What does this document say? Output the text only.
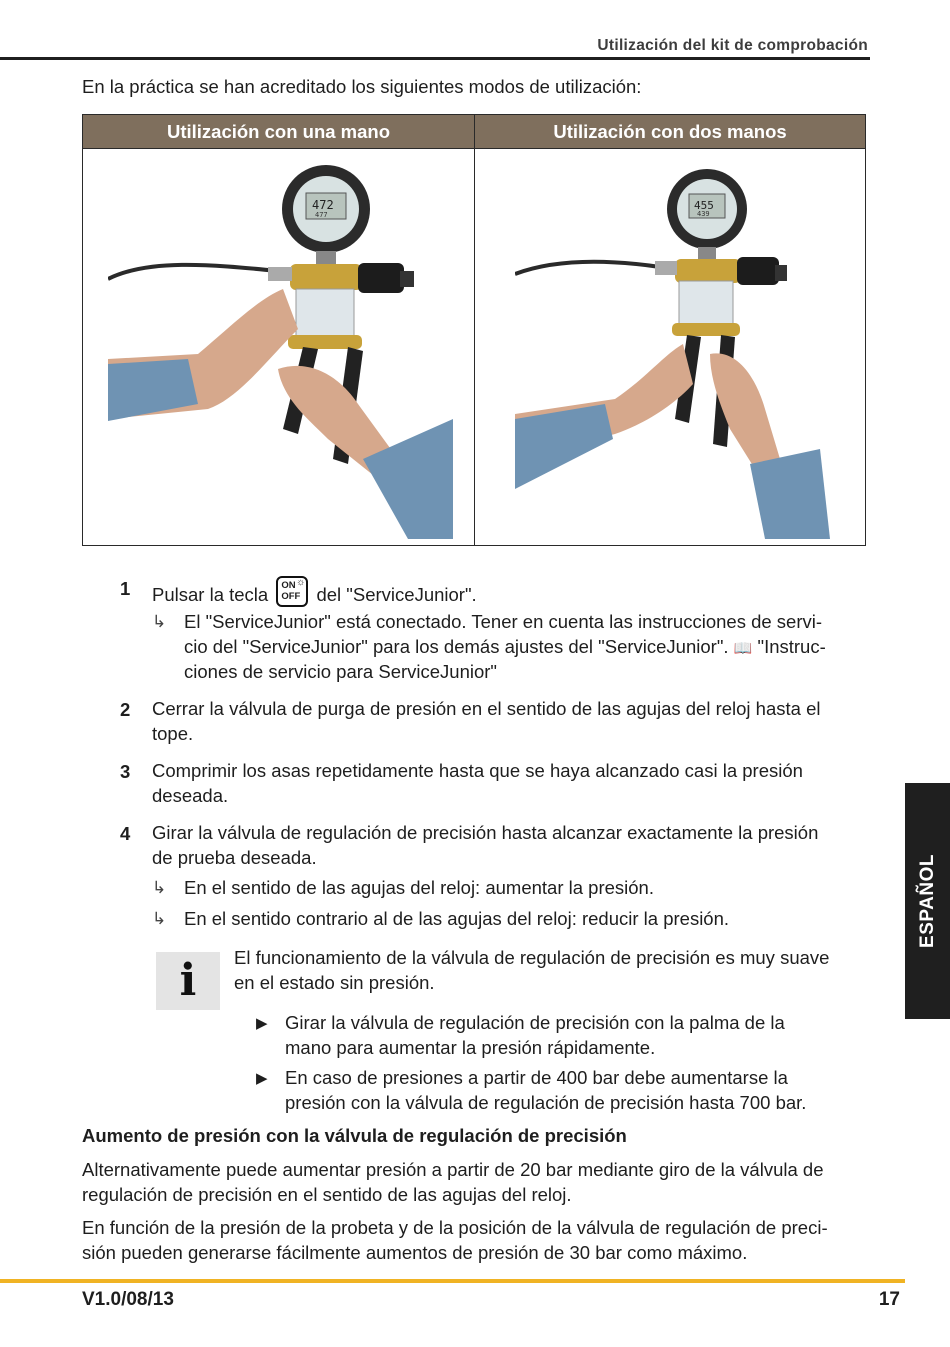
Utilización del kit de comprobación
En la práctica se han acreditado los siguientes modos de utilización:
Utilización con una mano	Utilización con dos manos
472
477
455
439
1 Pulsar la tecla ON
OFF
☼
del "ServiceJunior".
↳ El "ServiceJunior" está conectado. Tener en cuenta las instrucciones de servi-
cio del "ServiceJunior" para los demás ajustes del "ServiceJunior". 📖 "Instruc-
ciones de servicio para ServiceJunior"
2 Cerrar la válvula de purga de presión en el sentido de las agujas del reloj hasta el
tope.
3 Comprimir los asas repetidamente hasta que se haya alcanzado casi la presión
deseada.
4 Girar la válvula de regulación de precisión hasta alcanzar exactamente la presión
de prueba deseada.
↳ En el sentido de las agujas del reloj: aumentar la presión.
↳ En el sentido contrario al de las agujas del reloj: reducir la presión.
i	El funcionamiento de la válvula de regulación de precisión es muy suave
en el estado sin presión.
▶ Girar la válvula de regulación de precisión con la palma de la
mano para aumentar la presión rápidamente.
▶ En caso de presiones a partir de 400 bar debe aumentarse la
presión con la válvula de regulación de precisión hasta 700 bar.
Aumento de presión con la válvula de regulación de precisión
Alternativamente puede aumentar presión a partir de 20 bar mediante giro de la válvula de
regulación de precisión en el sentido de las agujas del reloj.
En función de la presión de la probeta y de la posición de la válvula de regulación de preci-
sión pueden generarse fácilmente aumentos de presión de 30 bar como máximo.
ESPAÑOL
V1.0/08/13	17
